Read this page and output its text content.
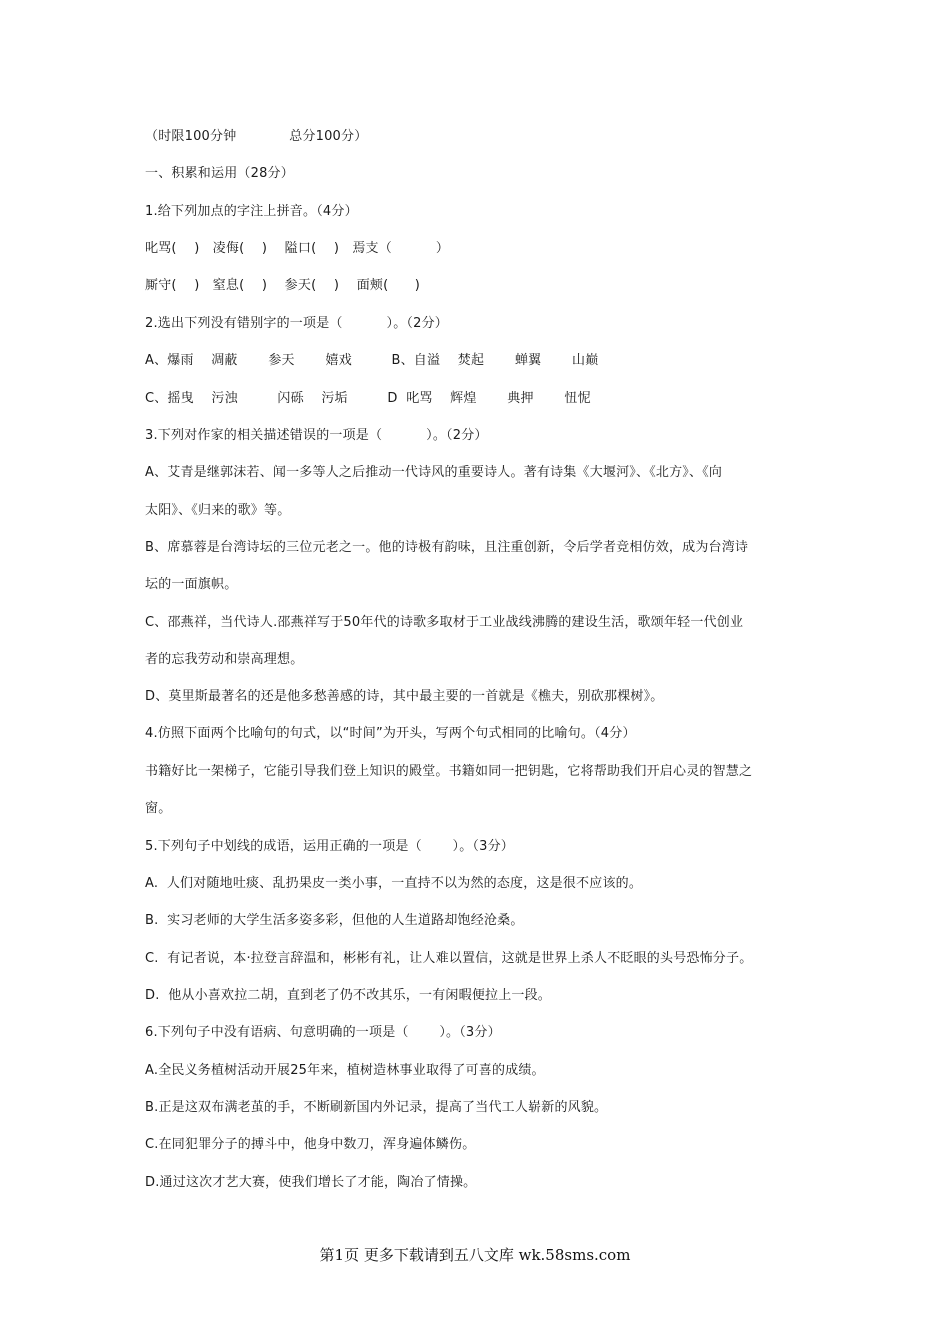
（时限100分钟　　　　总分100分）
一、积累和运用（28分）
1.给下列加点的字注上拼音。（4分）
叱骂(　 )　凌侮(　 )　 隘口(　 )　焉支（　　　 ）
厮守(　 )　窒息(　 )　 参天(　 )　 面颊(　　)
2.选出下列没有错别字的一项是（　　　 ）。（2分）
A、爆雨　 凋蔽　　 参天　　 嬉戏　　　B、自溢　 焚起　　 蝉翼　　 山巅
C、摇曳　 污浊　　　闪砾　 污垢　　　D  叱骂　 辉煌　　 典押　　 忸怩
3.下列对作家的相关描述错误的一项是（　　　 ）。（2分）
A、艾青是继郭沫若、闻一多等人之后推动一代诗风的重要诗人。著有诗集《大堰河》、《北方》、《向
太阳》、《归来的歌》等。
B、席慕蓉是台湾诗坛的三位元老之一。他的诗极有韵味，且注重创新，令后学者竞相仿效，成为台湾诗
坛的一面旗帜。
C、邵燕祥，当代诗人.邵燕祥写于50年代的诗歌多取材于工业战线沸腾的建设生活，歌颂年轻一代创业
者的忘我劳动和崇高理想。
D、莫里斯最著名的还是他多愁善感的诗，其中最主要的一首就是《樵夫，别砍那棵树》。
4.仿照下面两个比喻句的句式，以“时间”为开头，写两个句式相同的比喻句。（4分）
书籍好比一架梯子，它能引导我们登上知识的殿堂。书籍如同一把钥匙，它将帮助我们开启心灵的智慧之
窗。
5.下列句子中划线的成语，运用正确的一项是（　　 ）。（3分）
A.  人们对随地吐痰、乱扔果皮一类小事，一直持不以为然的态度，这是很不应该的。
B.  实习老师的大学生活多姿多彩，但他的人生道路却饱经沧桑。
C.  有记者说，本·拉登言辞温和，彬彬有礼，让人难以置信，这就是世界上杀人不眨眼的头号恐怖分子。
D.  他从小喜欢拉二胡，直到老了仍不改其乐，一有闲暇便拉上一段。
6.下列句子中没有语病、句意明确的一项是（　　 ）。（3分）
A.全民义务植树活动开展25年来，植树造林事业取得了可喜的成绩。
B.正是这双布满老茧的手，不断刷新国内外记录，提高了当代工人崭新的风貌。
C.在同犯罪分子的搏斗中，他身中数刀，浑身遍体鳞伤。
D.通过这次才艺大赛，使我们增长了才能，陶冶了情操。
第1页 更多下载请到五八文库 wk.58sms.com
